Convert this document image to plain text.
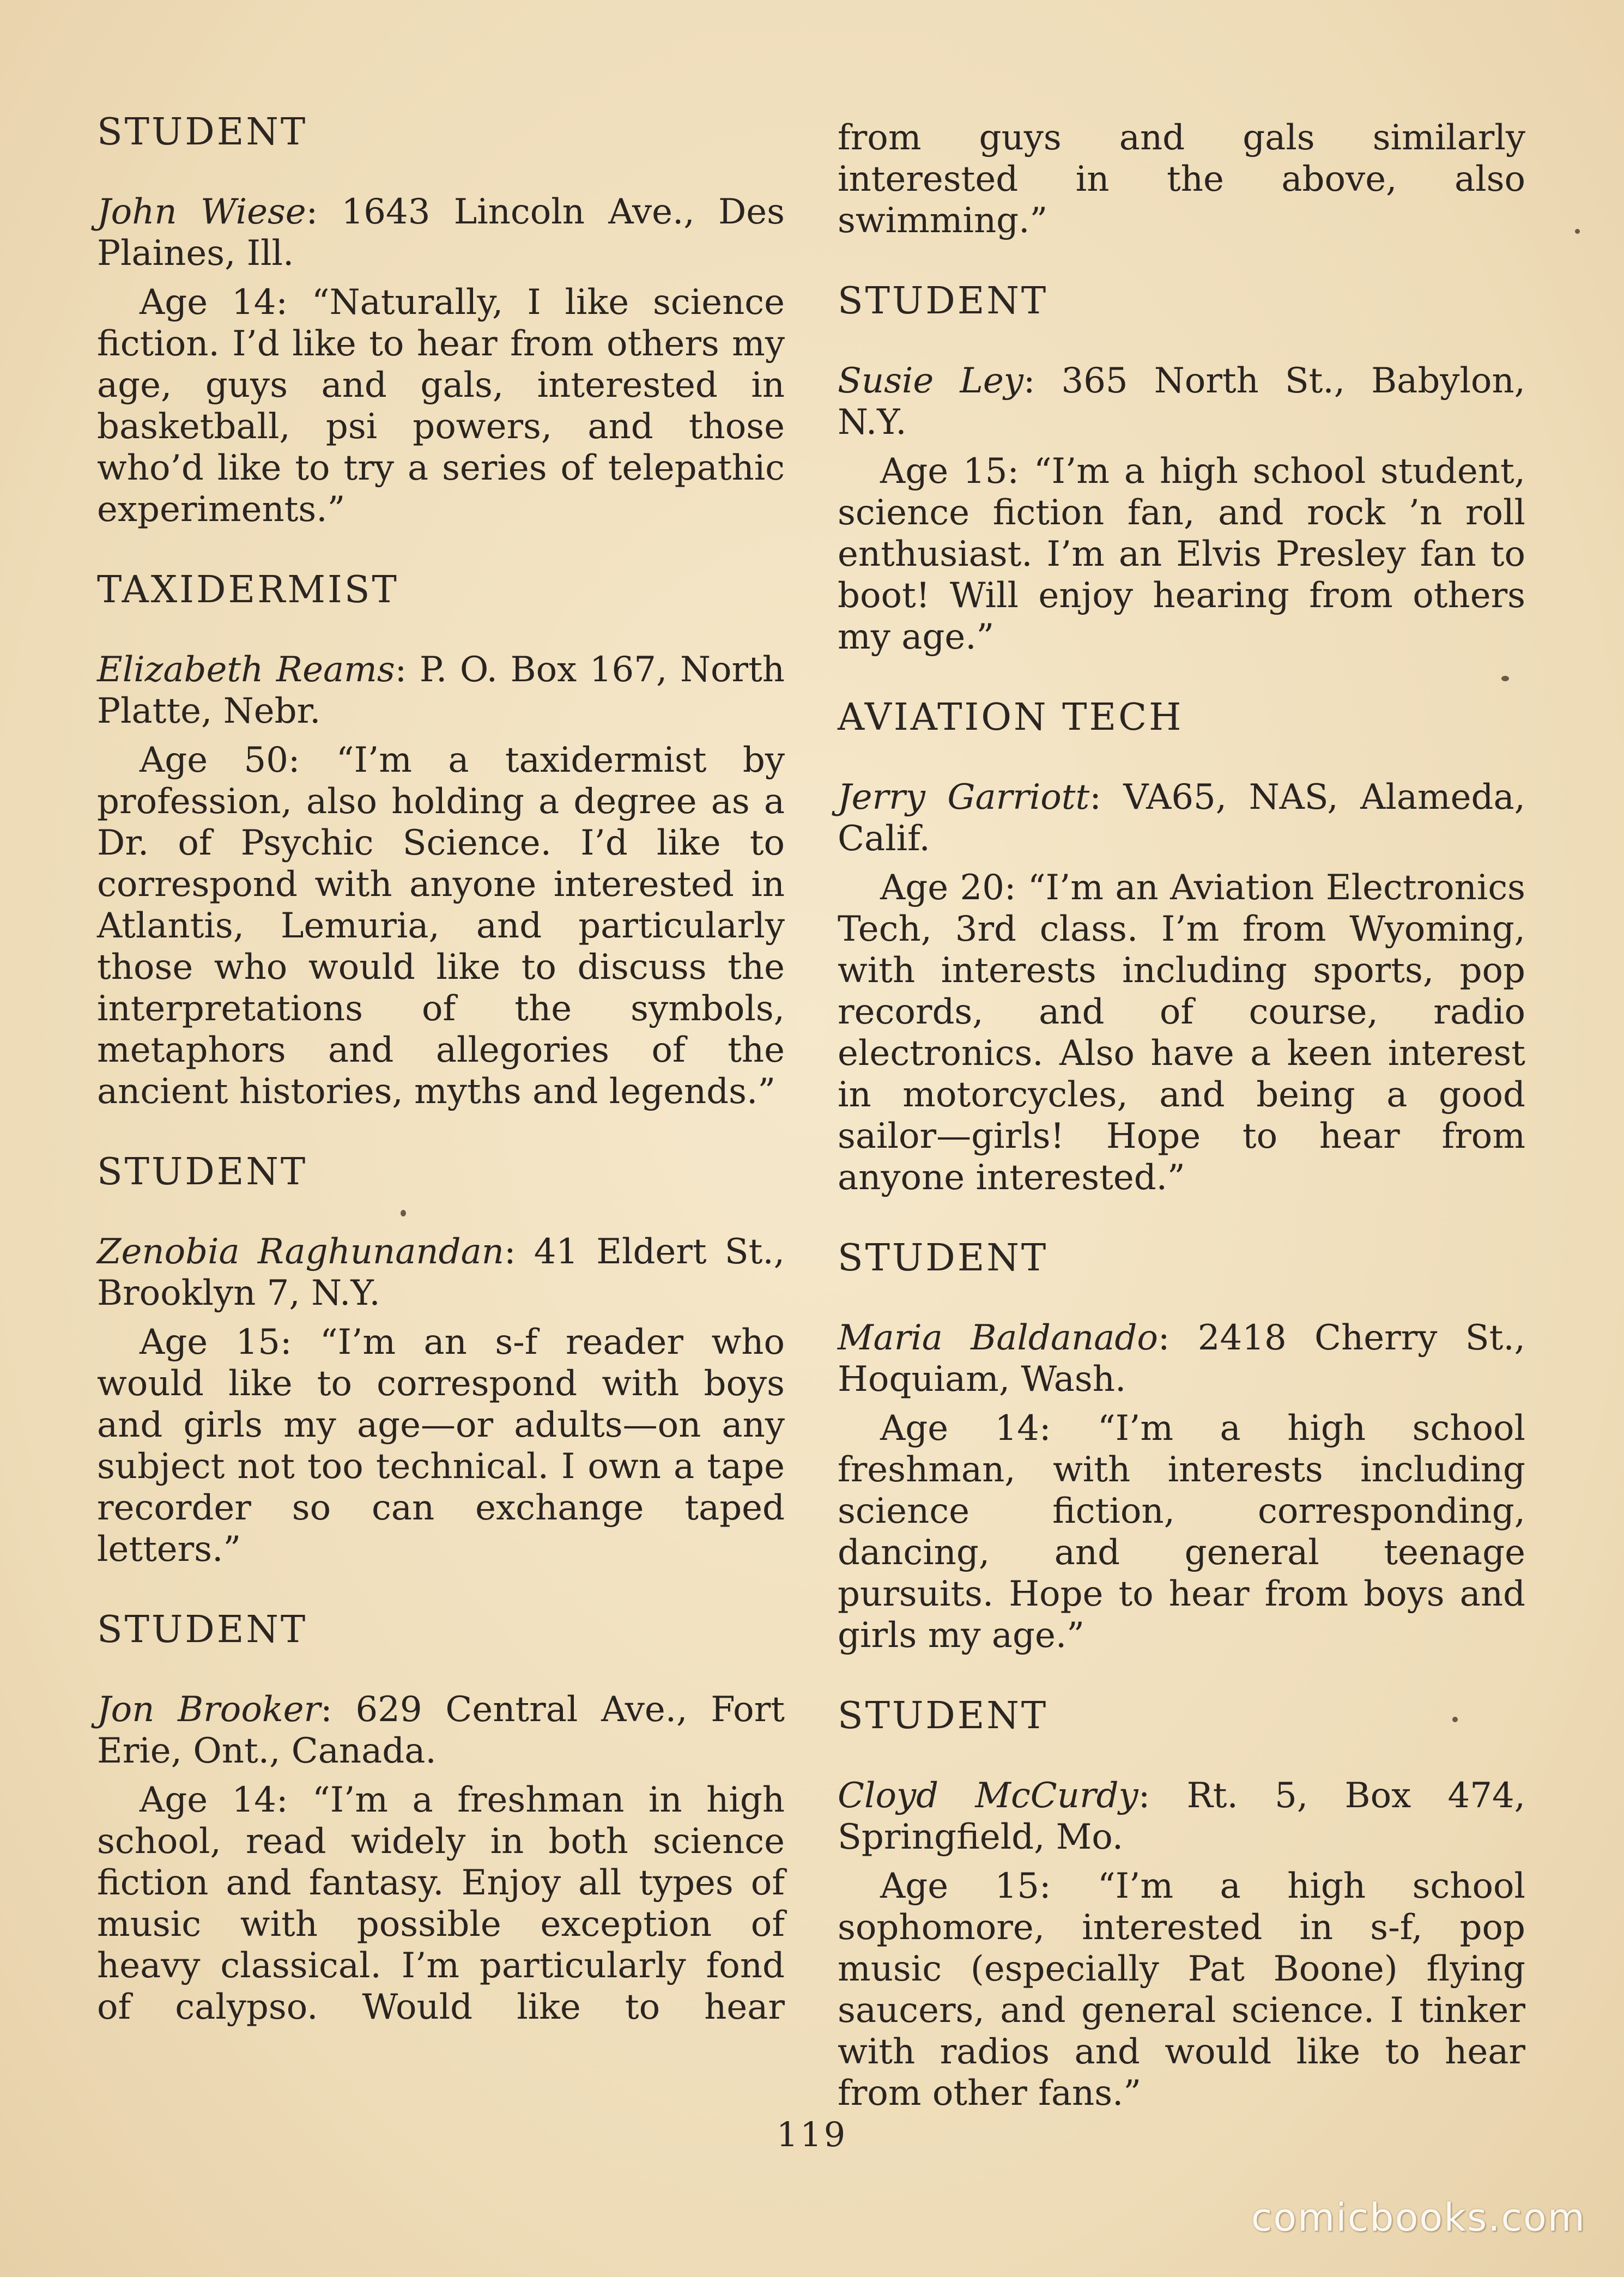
STUDENT

John Wiese: 1643 Lincoln Ave., Des Plaines, Ill.

Age 14: “Naturally, I like science fiction. I’d like to hear from others my age, guys and gals, interested in basketball, psi powers, and those who’d like to try a series of telepathic experiments.”

TAXIDERMIST

Elizabeth Reams: P. O. Box 167, North Platte, Nebr.

Age 50: “I’m a taxidermist by profession, also holding a degree as a Dr. of Psychic Science. I’d like to correspond with anyone interested in Atlantis, Lemuria, and particularly those who would like to discuss the interpretations of the symbols, metaphors and allegories of the ancient histories, myths and legends.”

STUDENT

Zenobia Raghunandan: 41 Eldert St., Brooklyn 7, N.Y.

Age 15: “I’m an s-f reader who would like to correspond with boys and girls my age—or adults—on any subject not too technical. I own a tape recorder so can exchange taped letters.”

STUDENT

Jon Brooker: 629 Central Ave., Fort Erie, Ont., Canada.

Age 14: “I’m a freshman in high school, read widely in both science fiction and fantasy. Enjoy all types of music with possible exception of heavy classical. I’m particularly fond of calypso. Would like to hear

from guys and gals similarly interested in the above, also swimming.”

STUDENT

Susie Ley: 365 North St., Babylon, N.Y.

Age 15: “I’m a high school student, science fiction fan, and rock ’n roll enthusiast. I’m an Elvis Presley fan to boot! Will enjoy hearing from others my age.”

AVIATION TECH

Jerry Garriott: VA65, NAS, Alameda, Calif.

Age 20: “I’m an Aviation Electronics Tech, 3rd class. I’m from Wyoming, with interests including sports, pop records, and of course, radio electronics. Also have a keen interest in motorcycles, and being a good sailor—girls! Hope to hear from anyone interested.”

STUDENT

Maria Baldanado: 2418 Cherry St., Hoquiam, Wash.

Age 14: “I’m a high school freshman, with interests including science fiction, corresponding, dancing, and general teenage pursuits. Hope to hear from boys and girls my age.”

STUDENT

Cloyd McCurdy: Rt. 5, Box 474, Springfield, Mo.

Age 15: “I’m a high school sophomore, interested in s-f, pop music (especially Pat Boone) flying saucers, and general science. I tinker with radios and would like to hear from other fans.”

119
comicbooks.com
